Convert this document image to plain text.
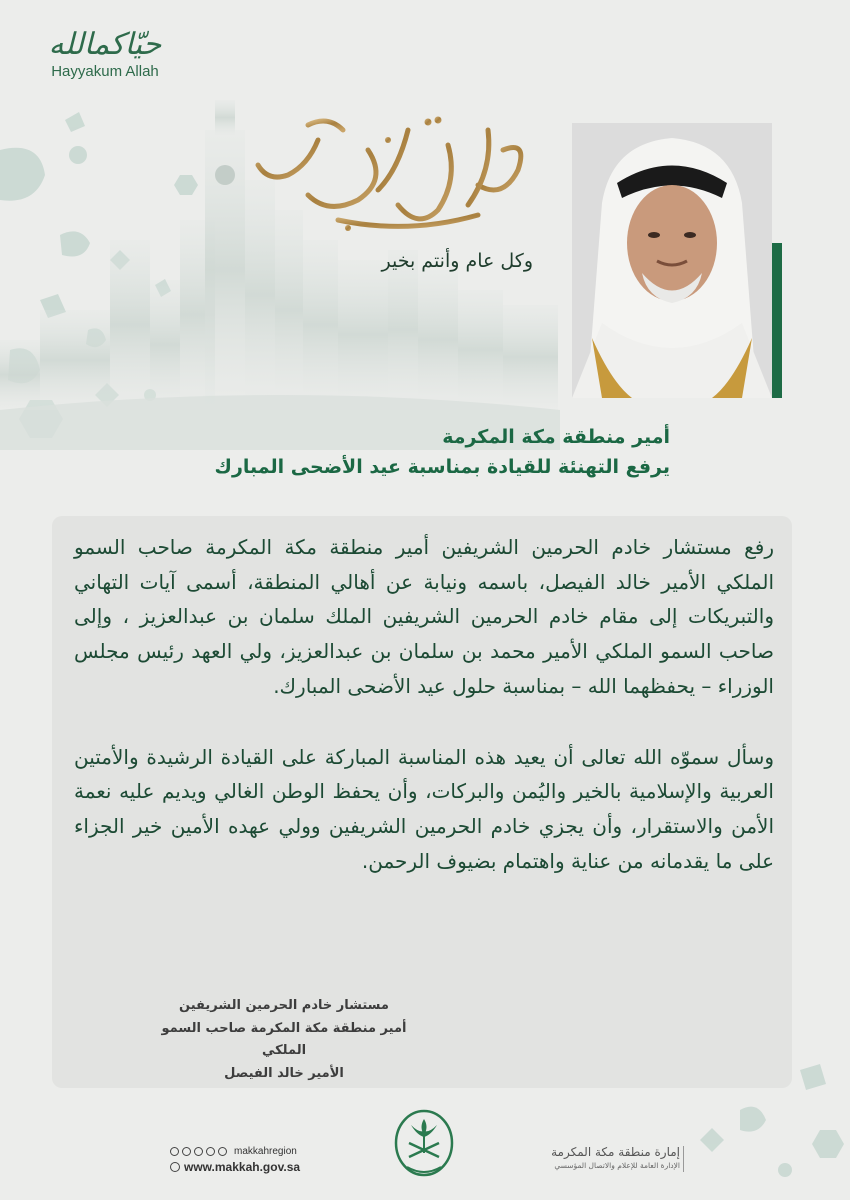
حيّاكمالله
Hayyakum Allah
وكل عام وأنتم بخير
أمير منطقة مكة المكرمة
يرفع التهنئة للقيادة بمناسبة عيد الأضحى المبارك

رفع مستشار خادم الحرمين الشريفين أمير منطقة مكة المكرمة صاحب السمو الملكي الأمير خالد الفيصل، باسمه ونيابة عن أهالي المنطقة، أسمى آيات التهاني والتبريكات إلى مقام خادم الحرمين الشريفين الملك سلمان بن عبدالعزيز ، وإلى صاحب السمو الملكي الأمير محمد بن سلمان بن عبدالعزيز، ولي العهد رئيس مجلس الوزراء – يحفظهما الله – بمناسبة حلول عيد الأضحى المبارك.

وسأل سموّه الله تعالى أن يعيد هذه المناسبة المباركة على القيادة الرشيدة والأمتين العربية والإسلامية بالخير واليُمن والبركات، وأن يحفظ الوطن الغالي ويديم عليه نعمة الأمن والاستقرار، وأن يجزي خادم الحرمين الشريفين وولي عهده الأمين خير الجزاء على ما يقدمانه من عناية واهتمام بضيوف الرحمن.

مستشار خادم الحرمين الشريفين
أمير منطقة مكة المكرمة صاحب السمو الملكي
الأمير خالد الفيصل
makkahregion
www.makkah.gov.sa
إمارة منطقة مكة المكرمة
الإدارة العامة للإعلام والاتصال المؤسسي
